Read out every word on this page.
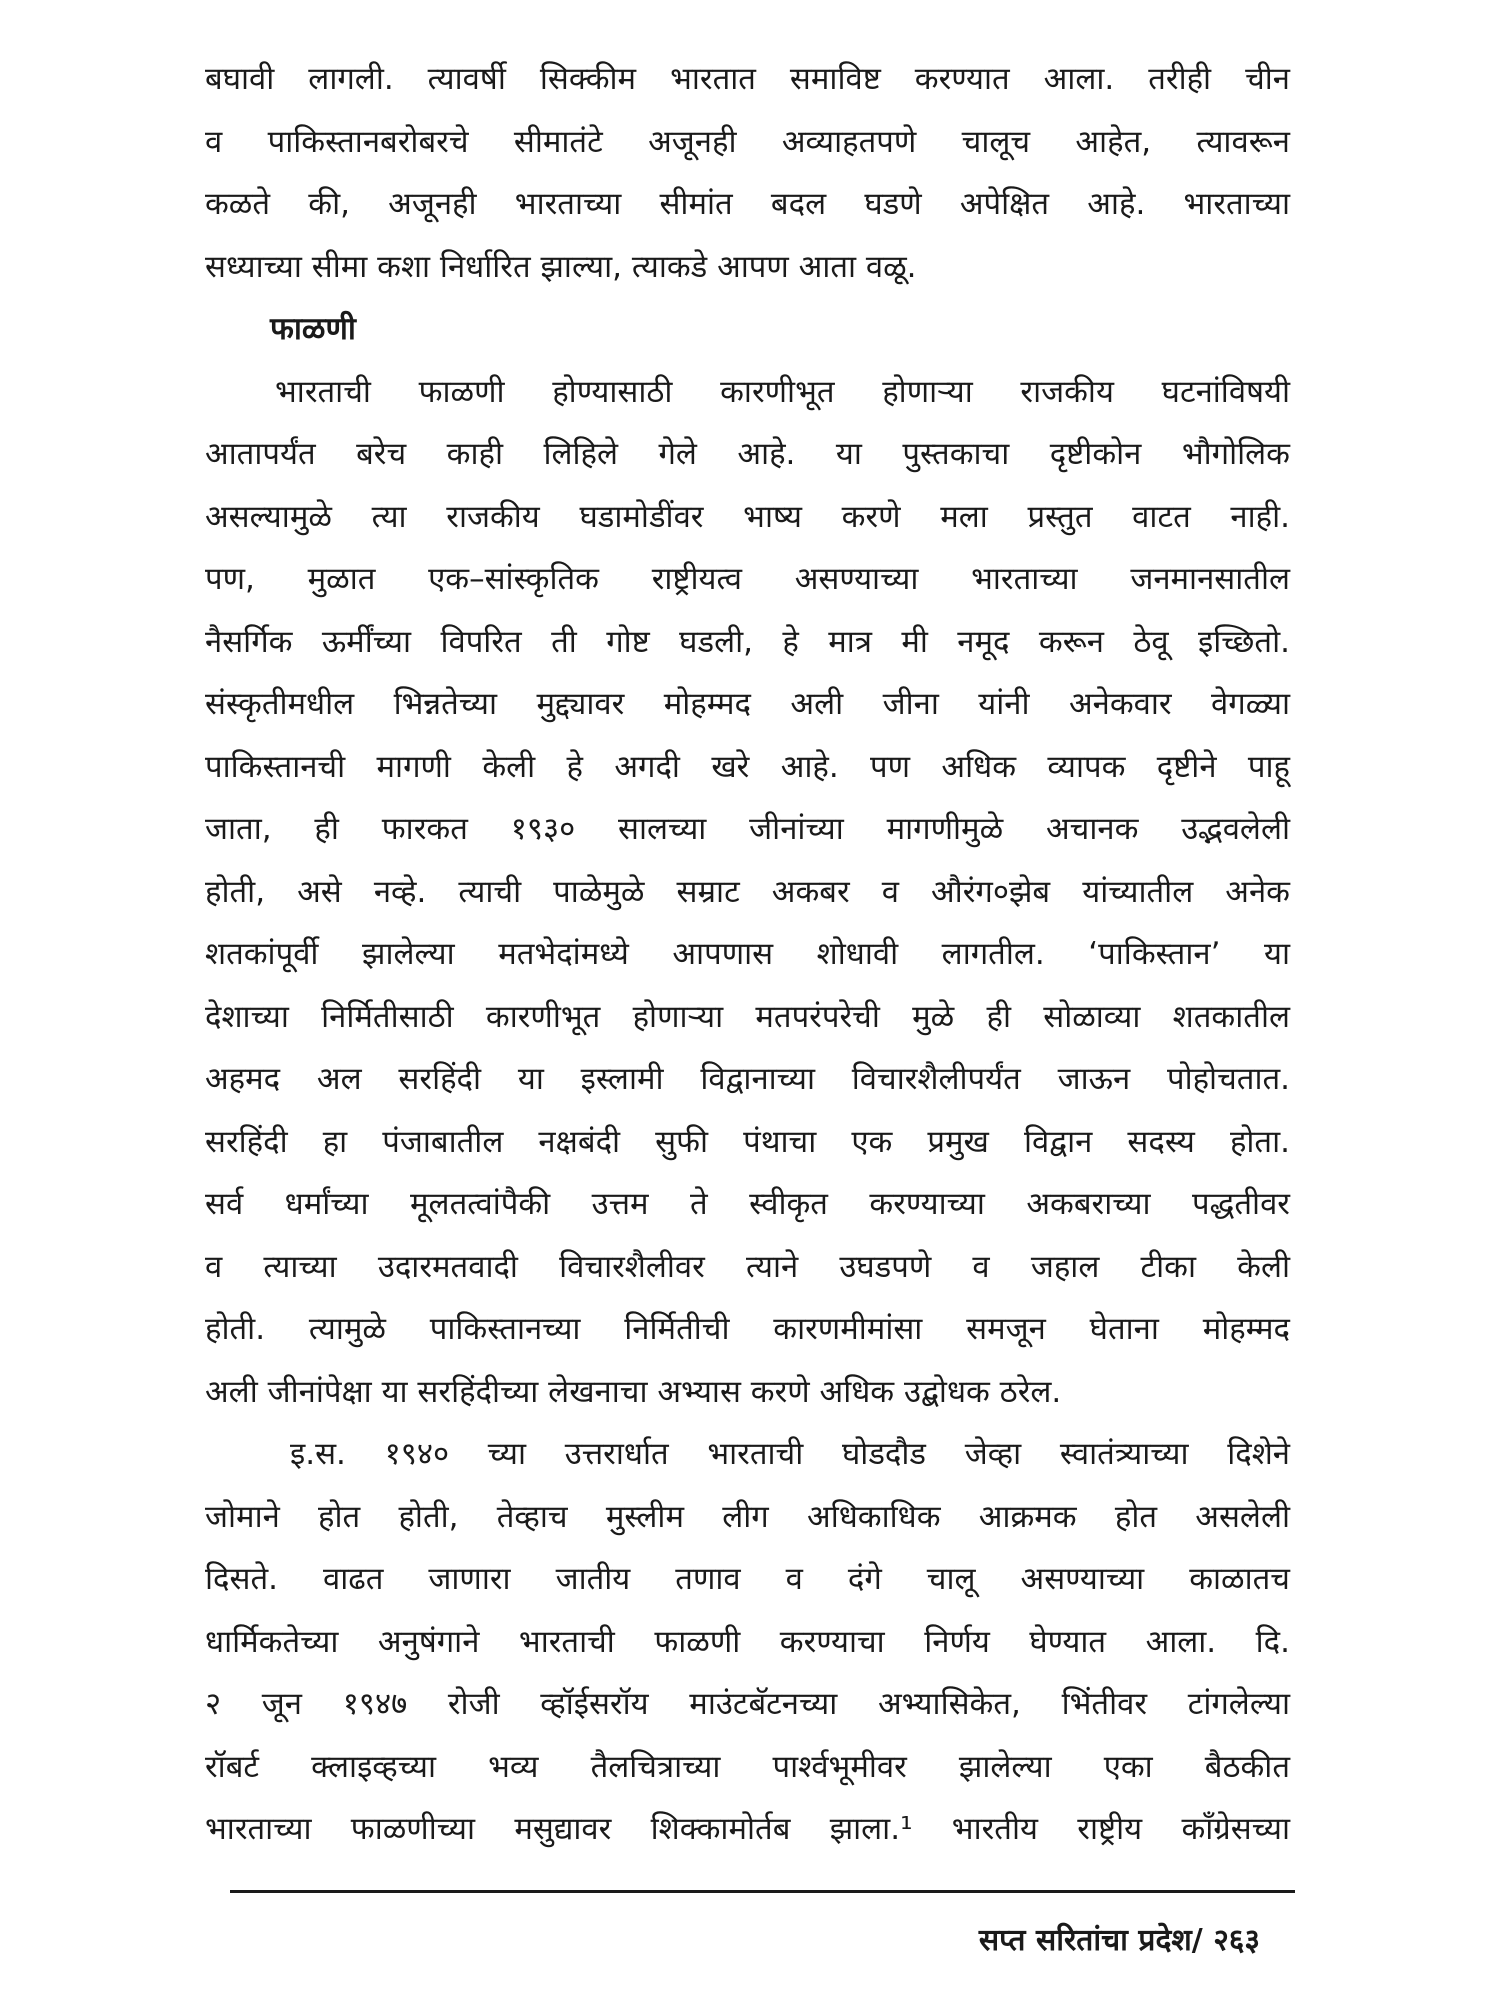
बघावी लागली. त्यावर्षी सिक्कीम भारतात समाविष्ट करण्यात आला. तरीही चीन
व पाकिस्तानबरोबरचे सीमातंटे अजूनही अव्याहतपणे चालूच आहेत, त्यावरून
कळते की, अजूनही भारताच्या सीमांत बदल घडणे अपेक्षित आहे. भारताच्या
सध्याच्या सीमा कशा निर्धारित झाल्या, त्याकडे आपण आता वळू.
फाळणी
भारताची फाळणी होण्यासाठी कारणीभूत होणाऱ्या राजकीय घटनांविषयी
आतापर्यंत बरेच काही लिहिले गेले आहे. या पुस्तकाचा दृष्टीकोन भौगोलिक
असल्यामुळे त्या राजकीय घडामोडींवर भाष्य करणे मला प्रस्तुत वाटत नाही.
पण, मुळात एक–सांस्कृतिक राष्ट्रीयत्व असण्याच्या भारताच्या जनमानसातील
नैसर्गिक ऊर्मींच्या विपरित ती गोष्ट घडली, हे मात्र मी नमूद करून ठेवू इच्छितो.
संस्कृतीमधील भिन्नतेच्या मुद्द्यावर मोहम्मद अली जीना यांनी अनेकवार वेगळ्या
पाकिस्तानची मागणी केली हे अगदी खरे आहे. पण अधिक व्यापक दृष्टीने पाहू
जाता, ही फारकत १९३० सालच्या जीनांच्या मागणीमुळे अचानक उद्भवलेली
होती, असे नव्हे. त्याची पाळेमुळे सम्राट अकबर व औरंग०झेब यांच्यातील अनेक
शतकांपूर्वी झालेल्या मतभेदांमध्ये आपणास शोधावी लागतील. ‘पाकिस्तान’ या
देशाच्या निर्मितीसाठी कारणीभूत होणाऱ्या मतपरंपरेची मुळे ही सोळाव्या शतकातील
अहमद अल सरहिंदी या इस्लामी विद्वानाच्या विचारशैलीपर्यंत जाऊन पोहोचतात.
सरहिंदी हा पंजाबातील नक्षबंदी सुफी पंथाचा एक प्रमुख विद्वान सदस्य होता.
सर्व धर्मांच्या मूलतत्वांपैकी उत्तम ते स्वीकृत करण्याच्या अकबराच्या पद्धतीवर
व त्याच्या उदारमतवादी विचारशैलीवर त्याने उघडपणे व जहाल टीका केली
होती. त्यामुळे पाकिस्तानच्या निर्मितीची कारणमीमांसा समजून घेताना मोहम्मद
अली जीनांपेक्षा या सरहिंदीच्या लेखनाचा अभ्यास करणे अधिक उद्बोधक ठरेल.
इ.स. १९४० च्या उत्तरार्धात भारताची घोडदौड जेव्हा स्वातंत्र्याच्या दिशेने
जोमाने होत होती, तेव्हाच मुस्लीम लीग अधिकाधिक आक्रमक होत असलेली
दिसते. वाढत जाणारा जातीय तणाव व दंगे चालू असण्याच्या काळातच
धार्मिकतेच्या अनुषंगाने भारताची फाळणी करण्याचा निर्णय घेण्यात आला. दि.
२ जून १९४७ रोजी व्हॉईसरॉय माउंटबॅटनच्या अभ्यासिकेत, भिंतीवर टांगलेल्या
रॉबर्ट क्लाइव्हच्या भव्य तैलचित्राच्या पार्श्वभूमीवर झालेल्या एका बैठकीत
भारताच्या फाळणीच्या मसुद्यावर शिक्कामोर्तब झाला.¹ भारतीय राष्ट्रीय काँग्रेसच्या
सप्त सरितांचा प्रदेश/ २६३
